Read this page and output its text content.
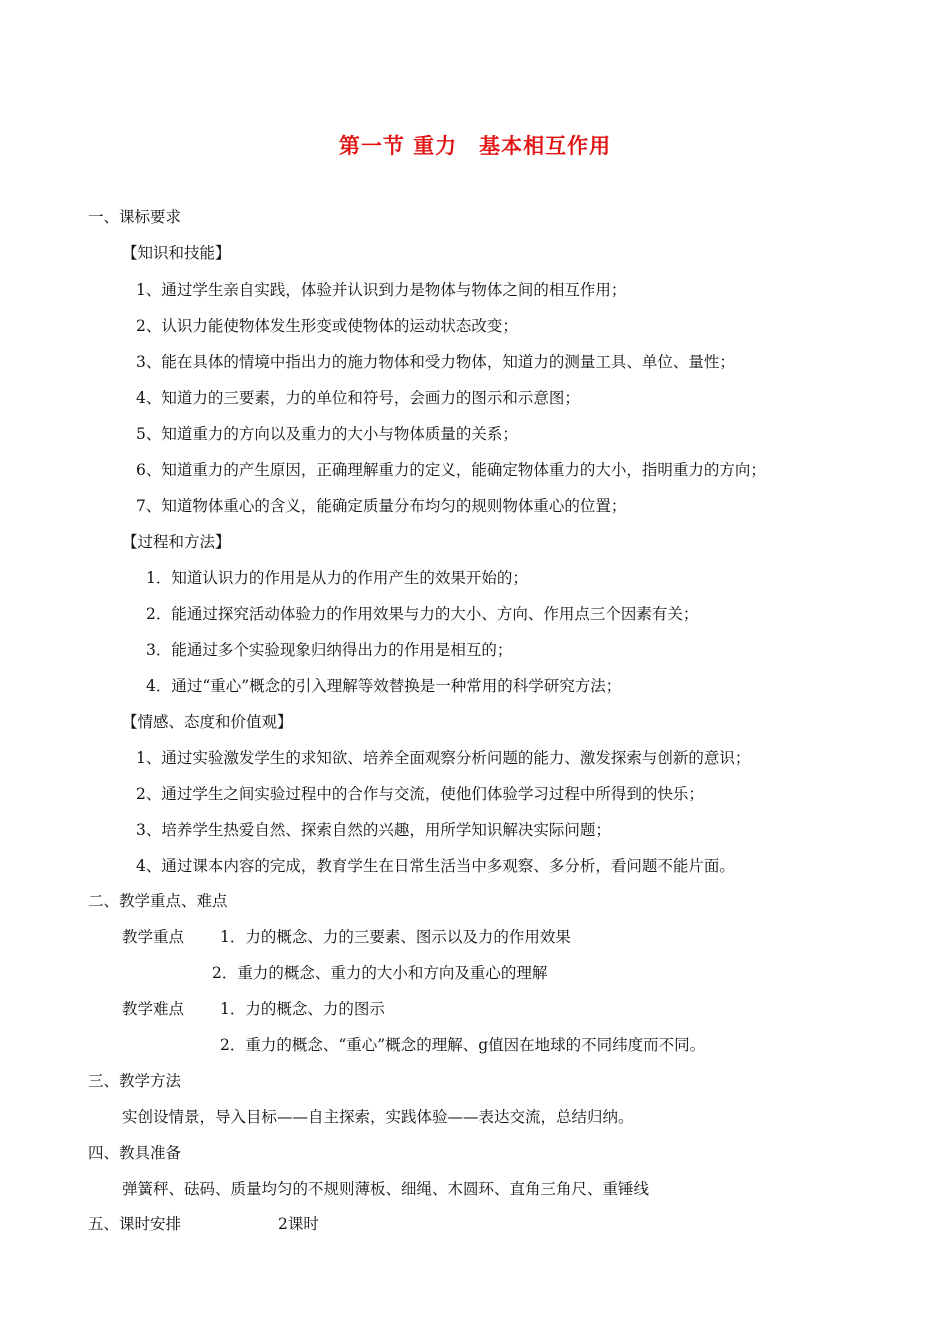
第一节 重力　基本相互作用
一、课标要求
【知识和技能】
1、通过学生亲自实践，体验并认识到力是物体与物体之间的相互作用；
2、认识力能使物体发生形变或使物体的运动状态改变；
3、能在具体的情境中指出力的施力物体和受力物体，知道力的测量工具、单位、量性；
4、知道力的三要素，力的单位和符号，会画力的图示和示意图；
5、知道重力的方向以及重力的大小与物体质量的关系；
6、知道重力的产生原因，正确理解重力的定义，能确定物体重力的大小，指明重力的方向；
7、知道物体重心的含义，能确定质量分布均匀的规则物体重心的位置；
【过程和方法】
1．知道认识力的作用是从力的作用产生的效果开始的；
2．能通过探究活动体验力的作用效果与力的大小、方向、作用点三个因素有关；
3．能通过多个实验现象归纳得出力的作用是相互的；
4．通过“重心”概念的引入理解等效替换是一种常用的科学研究方法；
【情感、态度和价值观】
1、通过实验激发学生的求知欲、培养全面观察分析问题的能力、激发探索与创新的意识；
2、通过学生之间实验过程中的合作与交流，使他们体验学习过程中所得到的快乐；
3、培养学生热爱自然、探索自然的兴趣，用所学知识解决实际问题；
4、通过课本内容的完成，教育学生在日常生活当中多观察、多分析，看问题不能片面。
二、教学重点、难点
教学重点 1．力的概念、力的三要素、图示以及力的作用效果
2．重力的概念、重力的大小和方向及重心的理解
教学难点 1．力的概念、力的图示
2．重力的概念、“重心”概念的理解、g值因在地球的不同纬度而不同。
三、教学方法
实创设情景，导入目标——自主探索，实践体验——表达交流，总结归纳。
四、教具准备
弹簧秤、砝码、质量均匀的不规则薄板、细绳、木圆环、直角三角尺、重锤线
五、课时安排	2课时
